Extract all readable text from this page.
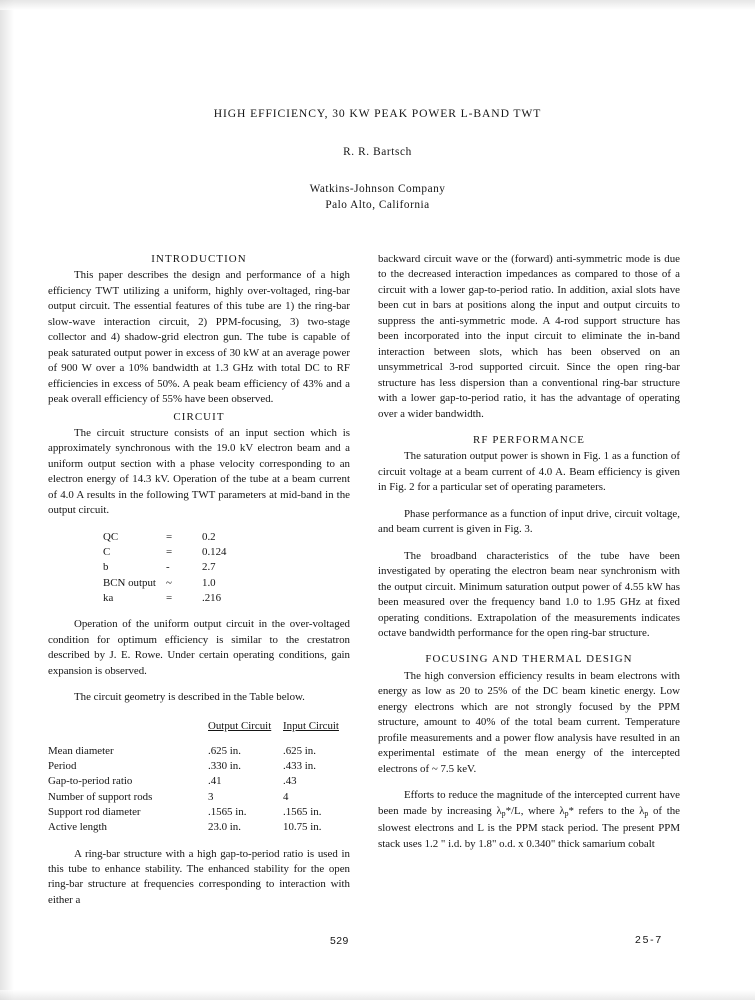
HIGH EFFICIENCY, 30 KW PEAK POWER L-BAND TWT
R. R. Bartsch
Watkins-Johnson Company
Palo Alto, California
INTRODUCTION

This paper describes the design and performance of a high efficiency TWT utilizing a uniform, highly over-voltaged, ring-bar output circuit. The essential features of this tube are 1) the ring-bar slow-wave interaction circuit, 2) PPM-focusing, 3) two-stage collector and 4) shadow-grid electron gun. The tube is capable of peak saturated output power in excess of 30 kW at an average power of 900 W over a 10% bandwidth at 1.3 GHz with total DC to RF efficiencies in excess of 50%. A peak beam efficiency of 43% and a peak overall efficiency of 55% have been observed.

CIRCUIT

The circuit structure consists of an input section which is approximately synchronous with the 19.0 kV electron beam and a uniform output section with a phase velocity corresponding to an electron energy of 14.3 kV. Operation of the tube at a beam current of 4.0 A results in the following TWT parameters at mid-band in the output circuit.

QC	=	0.2
C	=	0.124
b	-	2.7
BCN output ~	1.0
ka	=	.216

Operation of the uniform output circuit in the over-voltaged condition for optimum efficiency is similar to the crestatron described by J. E. Rowe. Under certain operating conditions, gain expansion is observed.

The circuit geometry is described in the Table below.

	Output Circuit	Input Circuit
Mean diameter	.625 in.	.625 in.
Period	.330 in.	.433 in.
Gap-to-period ratio	.41	.43
Number of support rods	3	4
Support rod diameter	.1565 in.	.1565 in.
Active length	23.0 in.	10.75 in.

A ring-bar structure with a high gap-to-period ratio is used in this tube to enhance stability. The enhanced stability for the open ring-bar structure at frequencies corresponding to interaction with either a

backward circuit wave or the (forward) anti-symmetric mode is due to the decreased interaction impedances as compared to those of a circuit with a lower gap-to-period ratio. In addition, axial slots have been cut in bars at positions along the input and output circuits to suppress the anti-symmetric mode. A 4-rod support structure has been incorporated into the input circuit to eliminate the in-band interaction between slots, which has been observed on an unsymmetrical 3-rod supported circuit. Since the open ring-bar structure has less dispersion than a conventional ring-bar structure with a lower gap-to-period ratio, it has the advantage of operating over a wider bandwidth.

RF PERFORMANCE

The saturation output power is shown in Fig. 1 as a function of circuit voltage at a beam current of 4.0 A. Beam efficiency is given in Fig. 2 for a particular set of operating parameters.

Phase performance as a function of input drive, circuit voltage, and beam current is given in Fig. 3.

The broadband characteristics of the tube have been investigated by operating the electron beam near synchronism with the output circuit. Minimum saturation output power of 4.55 kW has been measured over the frequency band 1.0 to 1.95 GHz at fixed operating conditions. Extrapolation of the measurements indicates octave bandwidth performance for the open ring-bar structure.

FOCUSING AND THERMAL DESIGN

The high conversion efficiency results in beam electrons with energy as low as 20 to 25% of the DC beam kinetic energy. Low energy electrons which are not strongly focused by the PPM structure, amount to 40% of the total beam current. Temperature profile measurements and a power flow analysis have resulted in an experimental estimate of the mean energy of the intercepted electrons of ~ 7.5 keV.

Efforts to reduce the magnitude of the intercepted current have been made by increasing $\lambda_p*/L$, where $\lambda_p*$ refers to the $\lambda_p$ of the slowest electrons and L is the PPM stack period. The present PPM stack uses 1.2 " i.d. by 1.8" o.d. x 0.340" thick samarium cobalt

529	25-7
